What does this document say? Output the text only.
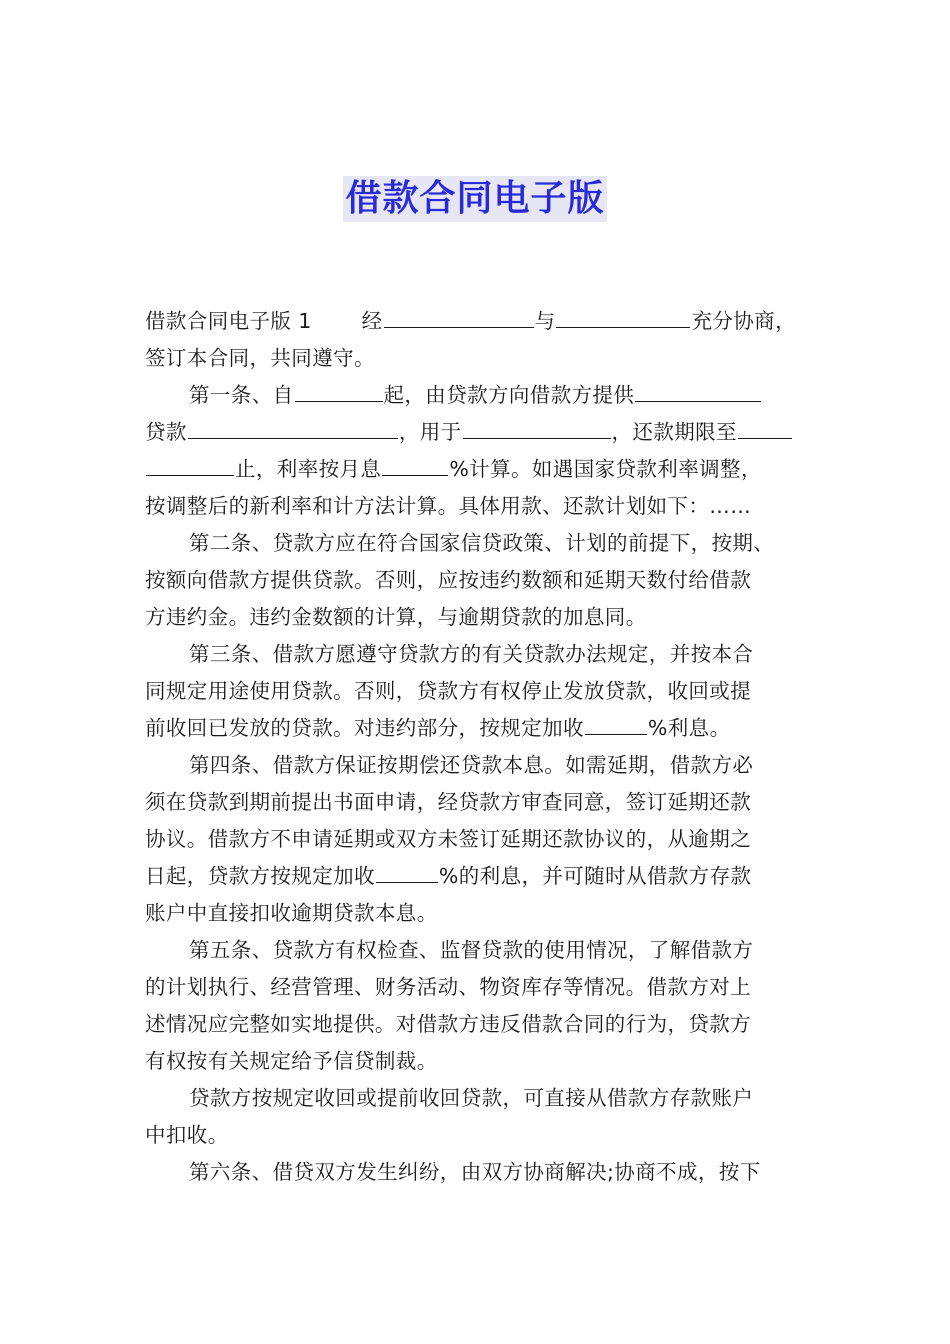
借款合同电子版
借款合同电子版 1 经	与	充分协商，
签订本合同，共同遵守。
第一条、自	起，由贷款方向借款方提供
贷款	，用于	，还款期限至
止，利率按月息	%计算。如遇国家贷款利率调整，
按调整后的新利率和计方法计算。具体用款、还款计划如下：……
第二条、贷款方应在符合国家信贷政策、计划的前提下，按期、
按额向借款方提供贷款。否则，应按违约数额和延期天数付给借款
方违约金。违约金数额的计算，与逾期贷款的加息同。
第三条、借款方愿遵守贷款方的有关贷款办法规定，并按本合
同规定用途使用贷款。否则，贷款方有权停止发放贷款，收回或提
前收回已发放的贷款。对违约部分，按规定加收	%利息。
第四条、借款方保证按期偿还贷款本息。如需延期，借款方必
须在贷款到期前提出书面申请，经贷款方审查同意，签订延期还款
协议。借款方不申请延期或双方未签订延期还款协议的，从逾期之
日起，贷款方按规定加收	%的利息，并可随时从借款方存款
账户中直接扣收逾期贷款本息。
第五条、贷款方有权检查、监督贷款的使用情况，了解借款方
的计划执行、经营管理、财务活动、物资库存等情况。借款方对上
述情况应完整如实地提供。对借款方违反借款合同的行为，贷款方
有权按有关规定给予信贷制裁。
贷款方按规定收回或提前收回贷款，可直接从借款方存款账户
中扣收。
第六条、借贷双方发生纠纷，由双方协商解决;协商不成，按下
